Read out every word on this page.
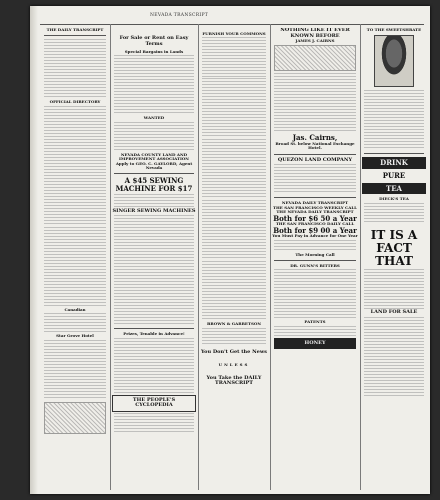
NEVADA TRANSCRIPT
THE DAILY TRANSCRIPT
OFFICIAL DIRECTORY
Canadian
Star Grove Hotel
For Sale or Rent on Easy Terms
Special Bargains in Lands
WANTED
NEVADA COUNTY LAND AND IMPROVEMENT ASSOCIATION
Apply to GEO. C. GAYLORD, Agent Nevada
A $45 SEWING MACHINE FOR $17
SINGER SEWING MACHINES
Prizes, Tenable in Advance!
THE PEOPLE'S CYCLOPEDIA
FURNISH YOUR COMMONS
BROWN & GARRETSON
You Don't Get the News
UNLESS
You Take the DAILY TRANSCRIPT
NOTHING LIKE IT EVER KNOWN BEFORE
JAMES J. CAIRNS
Jas. Cairns,
Broad St. below National Exchange Hotel.
QUEZON LAND COMPANY
NEVADA DAILY TRANSCRIPT
THE SAN FRANCISCO WEEKLY CALL
THE NEVADA DAILY TRANSCRIPT
Both for $6 50 a Year
THE SAN FRANCISCO DAILY CALL
Both for $9 00 a Year
You Must Pay in Advance for One Year
The Morning Call
DR. GUNN'S BITTERS
PATENTS
HONEY
TO THE SWEETSHRATE
DRINK
PURE
TEA
DIECK'S TEA
IT IS A FACT THAT
LAND FOR SALE
